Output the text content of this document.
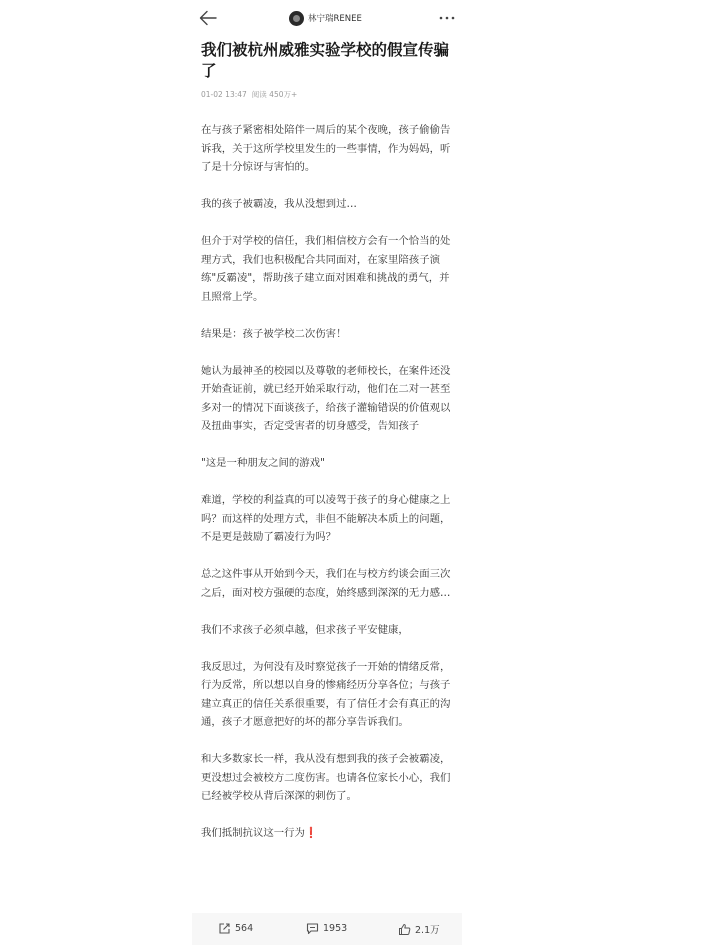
林宁瑞RENEE
我们被杭州威雅实验学校的假宣传骗了
01-02 13:47 阅读 450万+

在与孩子紧密相处陪伴一周后的某个夜晚，孩子偷偷告诉我，关于这所学校里发生的一些事情，作为妈妈，听了是十分惊讶与害怕的。

我的孩子被霸凌，我从没想到过…

但介于对学校的信任，我们相信校方会有一个恰当的处理方式，我们也积极配合共同面对，在家里陪孩子演练"反霸凌"，帮助孩子建立面对困难和挑战的勇气，并且照常上学。

结果是：孩子被学校二次伤害！

她认为最神圣的校园以及尊敬的老师校长，在案件还没开始查证前，就已经开始采取行动，他们在二对一甚至多对一的情况下面谈孩子，给孩子灌输错误的价值观以及扭曲事实，否定受害者的切身感受，告知孩子

"这是一种朋友之间的游戏"

难道，学校的利益真的可以凌驾于孩子的身心健康之上吗？而这样的处理方式，非但不能解决本质上的问题，不是更是鼓励了霸凌行为吗？

总之这件事从开始到今天，我们在与校方约谈会面三次之后，面对校方强硬的态度，始终感到深深的无力感…

我们不求孩子必须卓越，但求孩子平安健康，

我反思过，为何没有及时察觉孩子一开始的情绪反常，行为反常，所以想以自身的惨痛经历分享各位；与孩子建立真正的信任关系很重要，有了信任才会有真正的沟通，孩子才愿意把好的坏的都分享告诉我们。

和大多数家长一样，我从没有想到我的孩子会被霸凌，更没想过会被校方二度伤害。也请各位家长小心，我们已经被学校从背后深深的刺伤了。

我们抵制抗议这一行为❗

564	1953	2.1万
